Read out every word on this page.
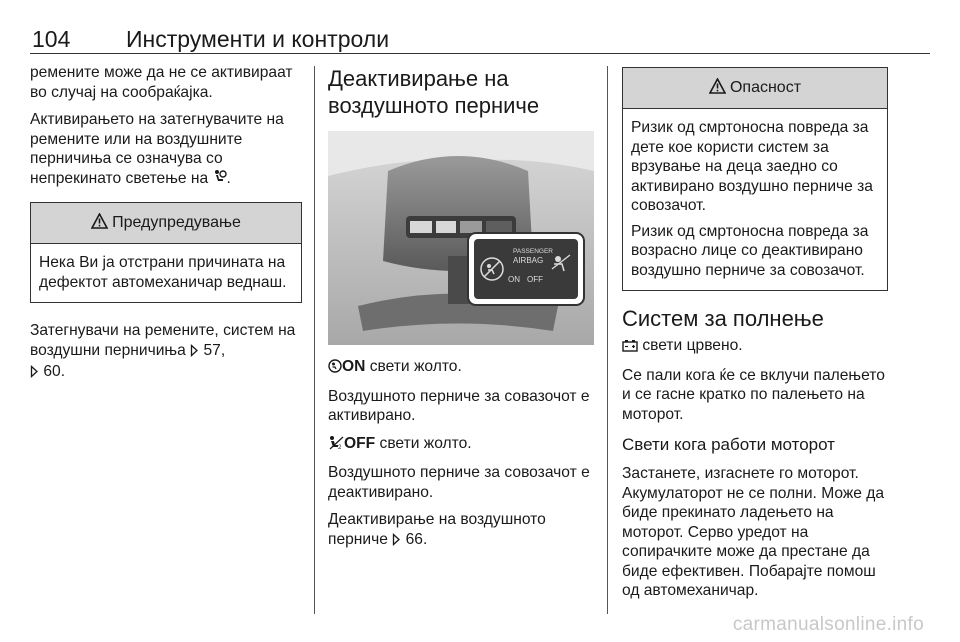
104 Инструменти и контроли

ремените може да не се активираат во случај на сообраќајка.

Активирањето на затегнувачите на ремените или на воздушните перничиња се означува со непрекинато светење на .

Предупредување

Нека Ви ја отстрани причината на дефектот автомеханичар веднаш.

Затегнувачи на ремените, систем на воздушни перничиња 57,
60.

Деактивирање на воздушното перниче
PASSENGER
AIRBAG
ON OFF

ON свети жолто.

Воздушното перниче за совазочот е активирано.

2 OFF свети жолто.

Воздушното перниче за совозачот е деактивирано.

Деактивирање на воздушното перниче 66.

Опасност

Ризик од смртоносна повреда за дете кое користи систем за врзување на деца заедно со активирано воздушно перниче за совозачот.

Ризик од смртоносна повреда за возрасно лице со деактивирано воздушно перниче за совозачот.

Систем за полнење

свети црвено.

Се пали кога ќе се вклучи палењето и се гасне кратко по палењето на моторот.

Свети кога работи моторот

Застанете, изгаснете го моторот. Акумулаторот не се полни. Може да биде прекинато ладењето на моторот. Серво уредот на сопирачките може да престане да биде ефективен. Побарајте помош од автомеханичар.

carmanualsonline.info
